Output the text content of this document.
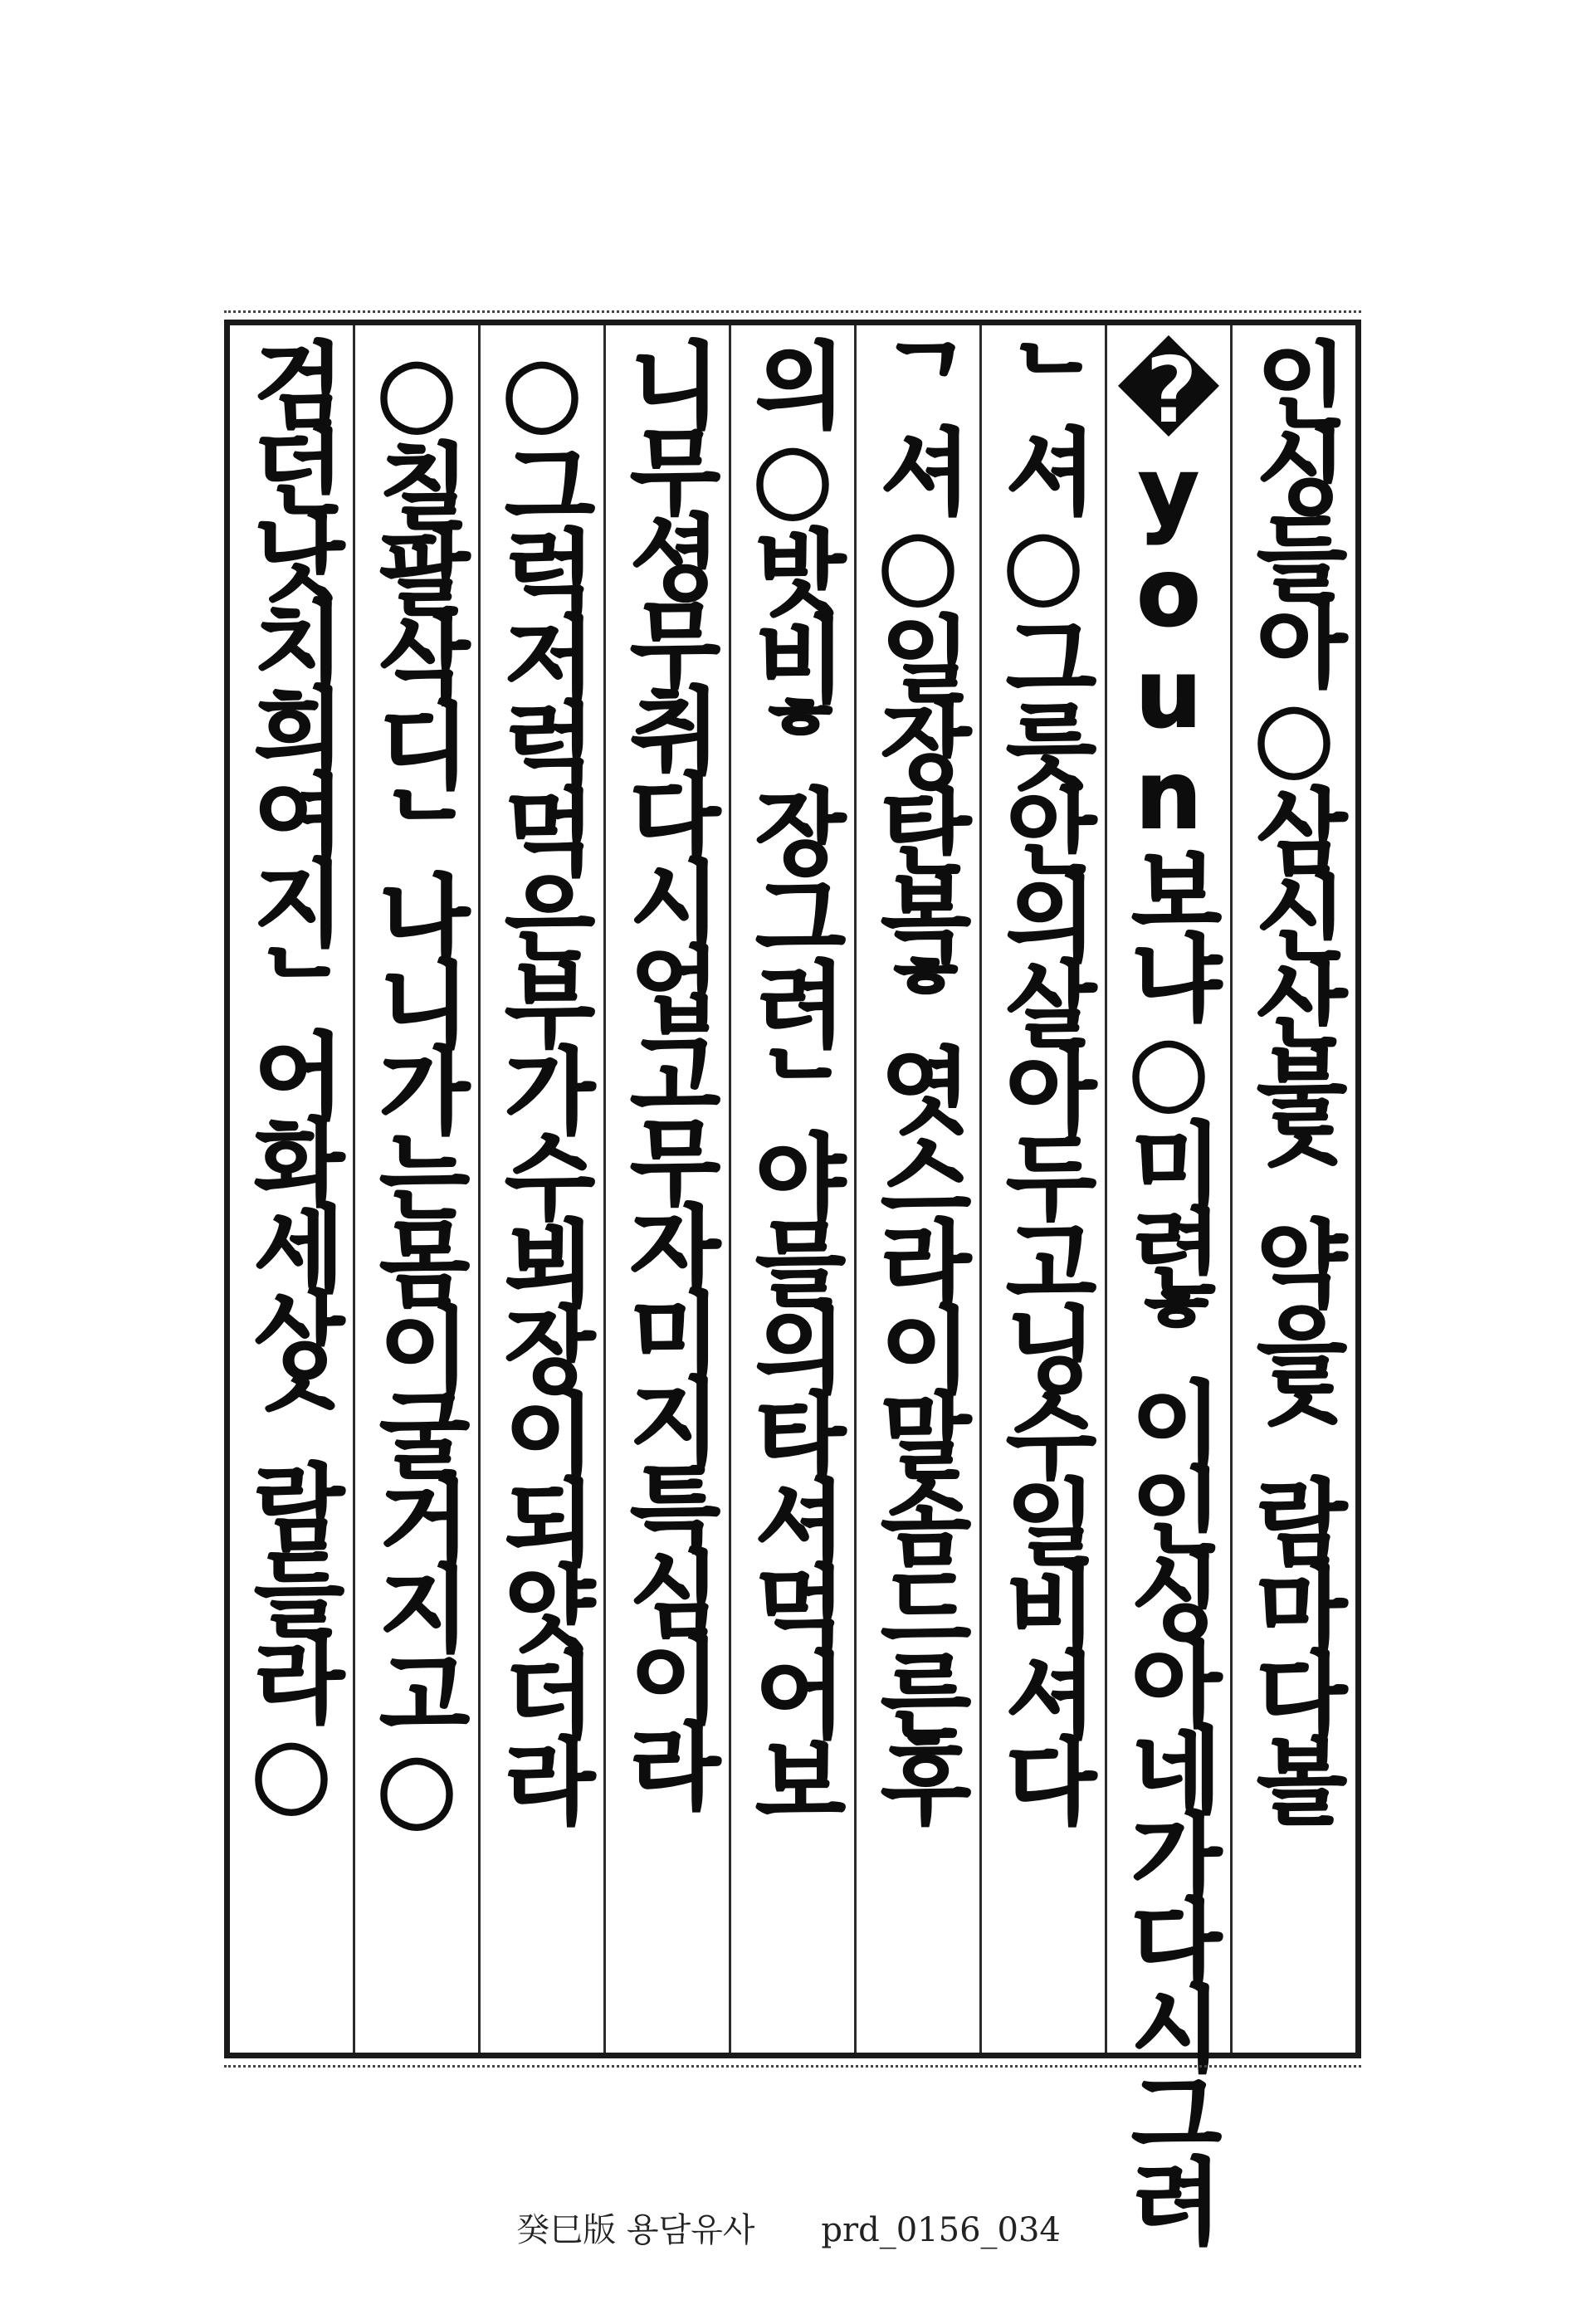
인싱들아○삼신산불ᄉ약을ᄉ람마다볼
�youn보냐○미련ᄒ이인싱아네가다시그려
ᄂ셔○그릇안의살아두고닝수일비셔다
ᄀ셔○일장탄복ᄒ엿스라이말솜드른후
의○밧비ᄒ장그려ᄂ야믈의타셔먹어보
니무셩무취다시업고무자미지특심이라
○그럭저럭먹은부가수뵈장이되얏더라
○칠팔삭디ᄂ나니가는몸이굴거지고○
검던낫치희여지ᄂ어화세상ᄉ람들라○
癸巳版 용담유사 prd_0156_034
